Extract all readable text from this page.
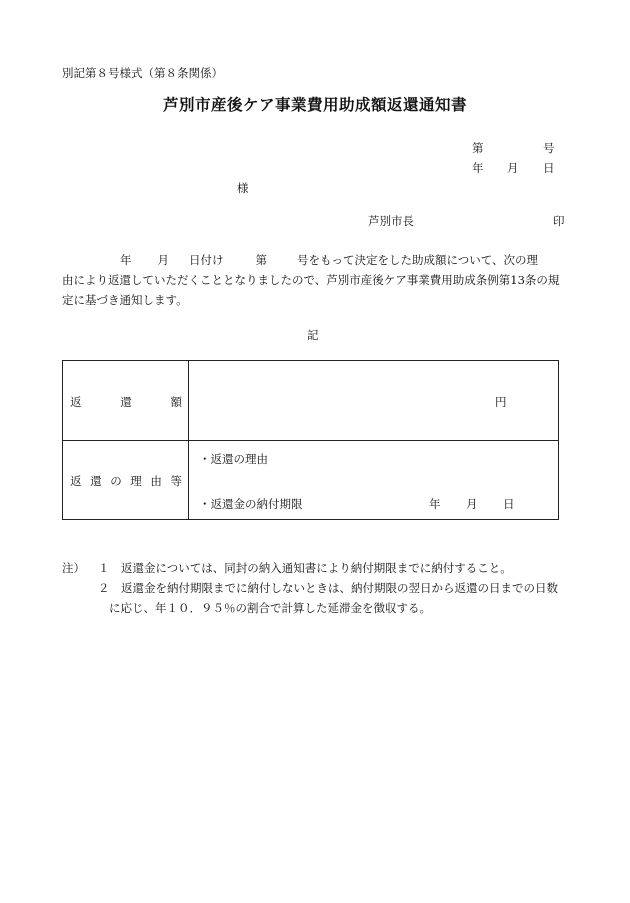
別記第８号様式（第８条関係）
芦別市産後ケア事業費用助成額返還通知書
第	号
年 月 日
様
芦別市長	印
年 月 日付け	第	号をもって決定をした助成額について、次の理
由により返還していただくこととなりましたので、芦別市産後ケア事業費用助成条例第13条の規
定に基づき通知します。
記
返還額	円
返還の理由等
・返還の理由
・返還金の納付期限	年 月 日
注） １ 返還金については、同封の納入通知書により納付期限までに納付すること。
２ 返還金を納付期限までに納付しないときは、納付期限の翌日から返還の日までの日数
に応じ、年１０．９５％の割合で計算した延滞金を徴収する。
